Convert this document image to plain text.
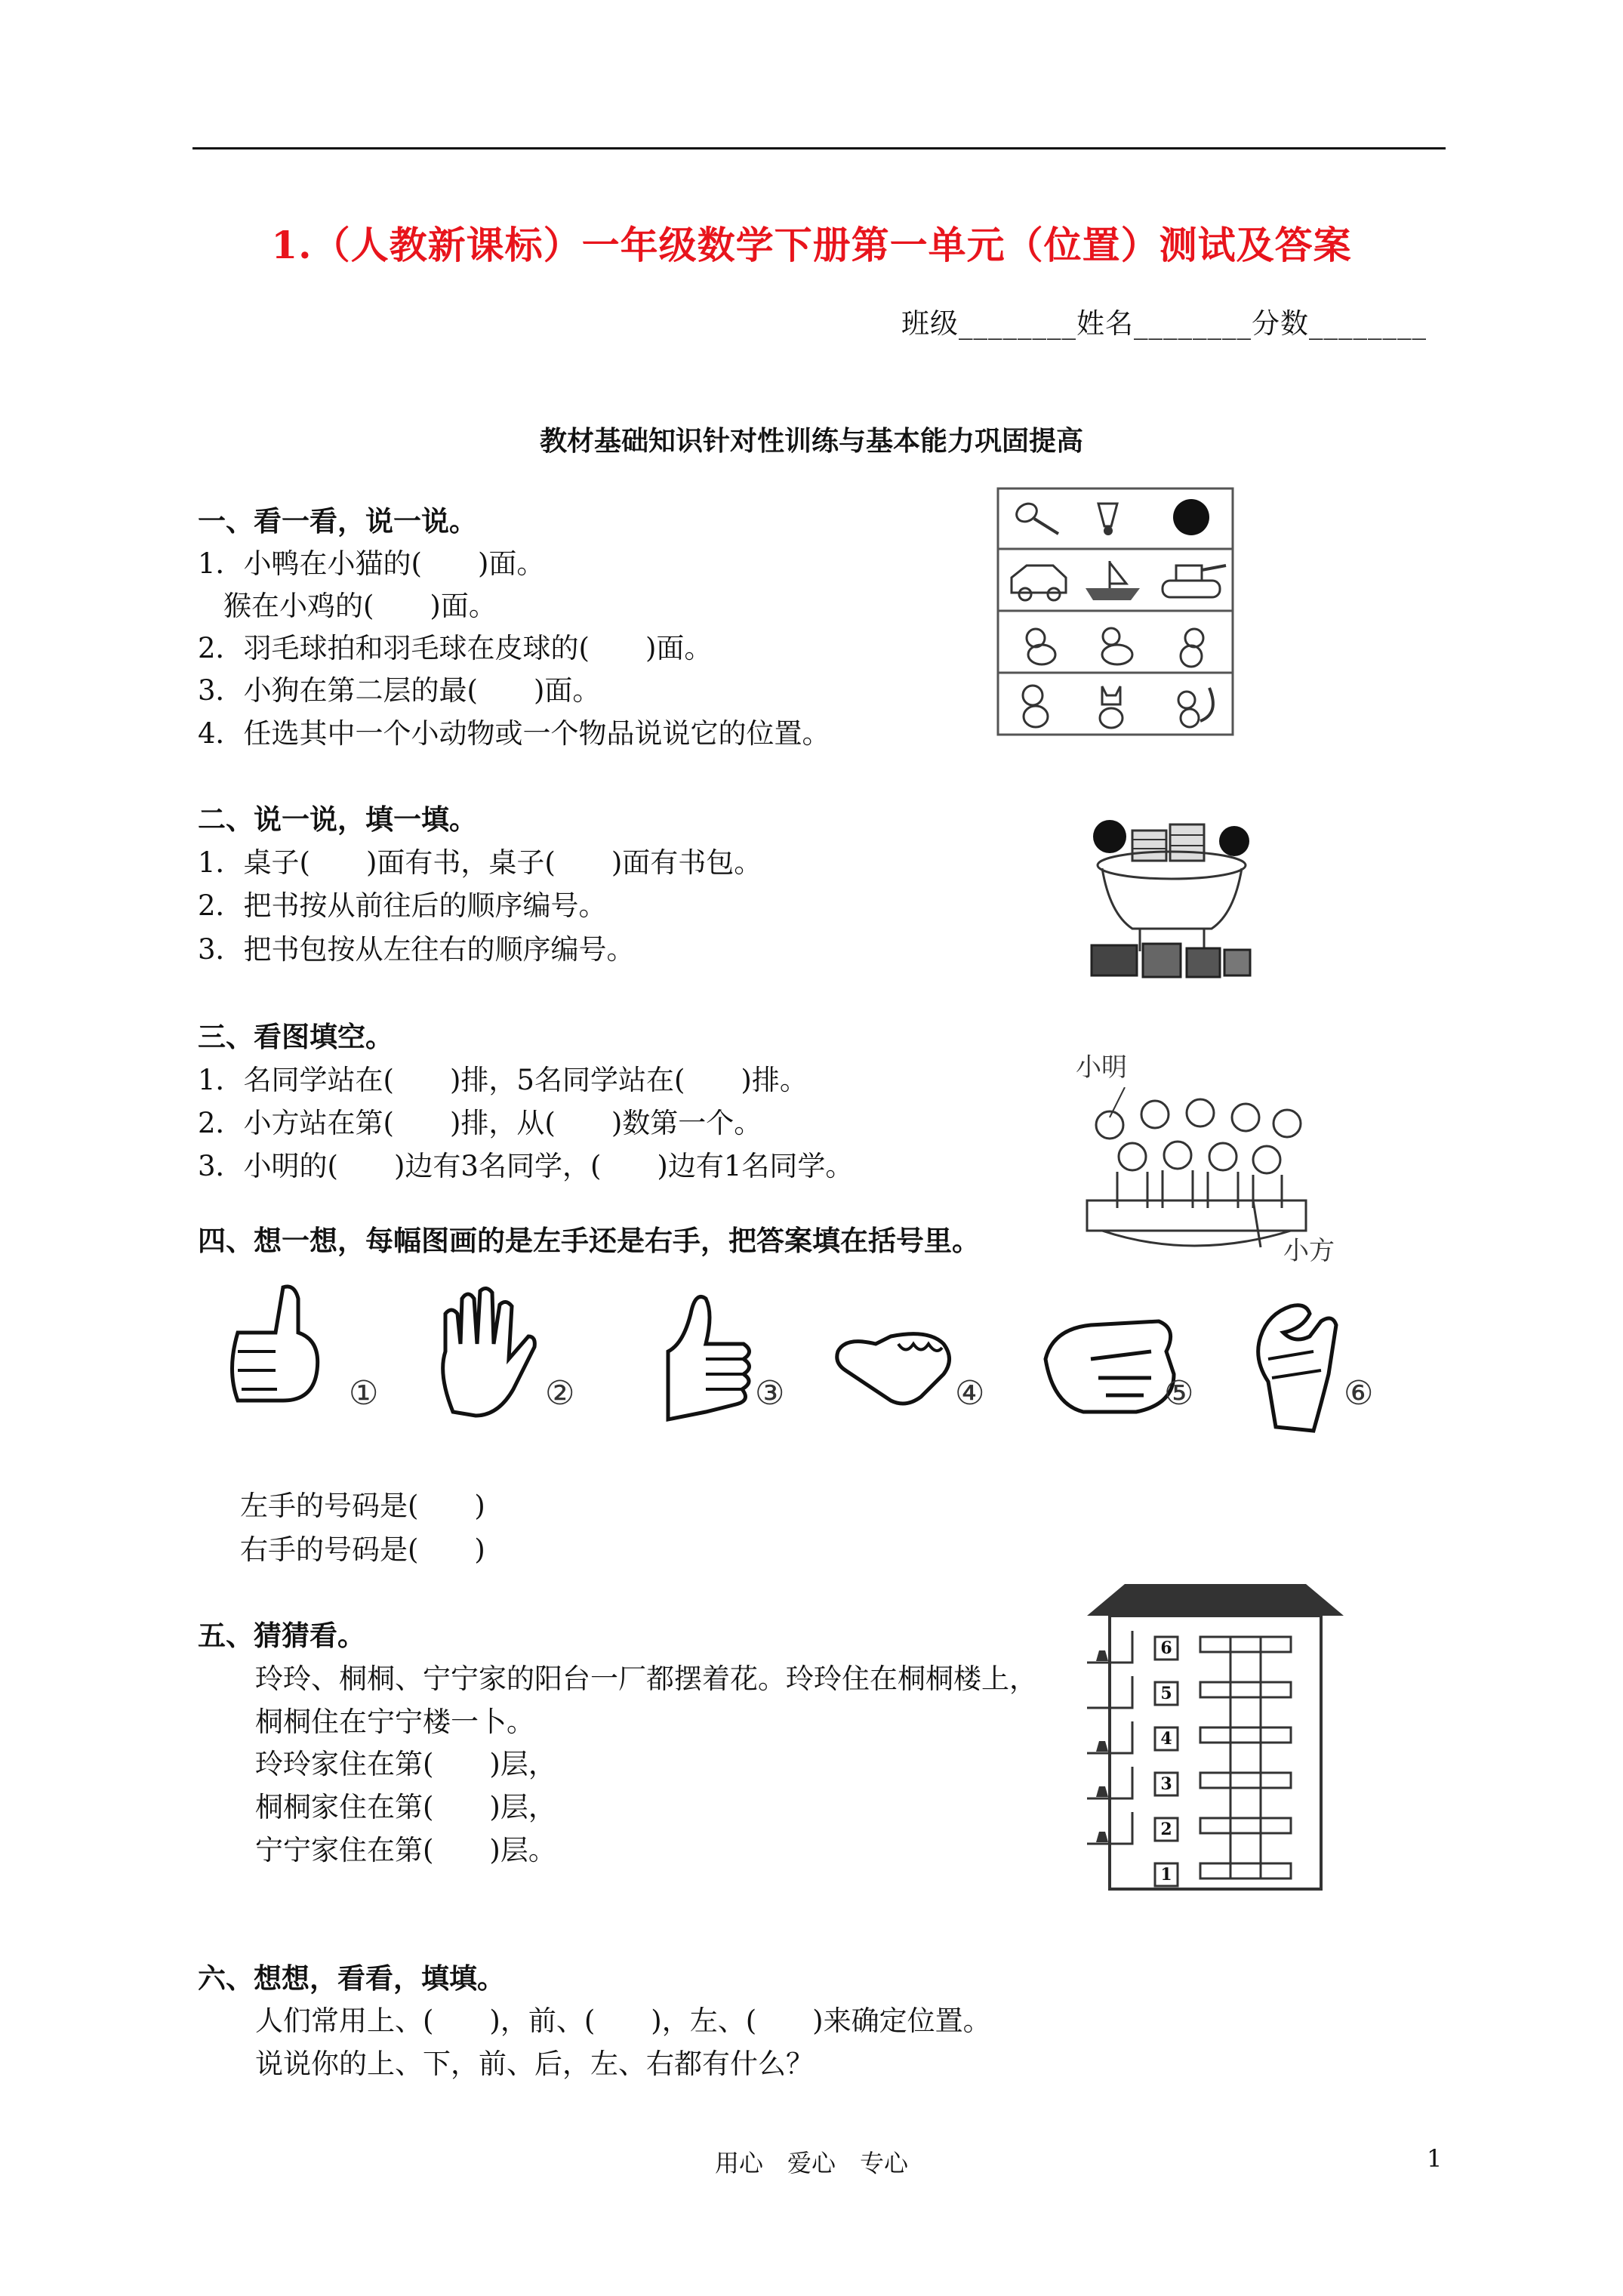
1.（人教新课标）一年级数学下册第一单元（位置）测试及答案
班级________姓名________分数________
教材基础知识针对性训练与基本能力巩固提高
一、看一看，说一说。
1．小鸭在小猫的(　　)面。
猴在小鸡的(　　)面。
2．羽毛球拍和羽毛球在皮球的(　　)面。
3．小狗在第二层的最(　　)面。
4．任选其中一个小动物或一个物品说说它的位置。
二、说一说，填一填。
1．桌子(　　)面有书，桌子(　　)面有书包。
2．把书按从前往后的顺序编号。
3．把书包按从左往右的顺序编号。
三、看图填空。
1．名同学站在(　　)排，5名同学站在(　　)排。
2．小方站在第(　　)排，从(　　)数第一个。
3．小明的(　　)边有3名同学，(　　)边有1名同学。
小明
小方
四、想一想，每幅图画的是左手还是右手，把答案填在括号里。
①	②	③	④	⑤	⑥
左手的号码是(　　)
右手的号码是(　　)
五、猜猜看。
玲玲、桐桐、宁宁家的阳台一厂都摆着花。玲玲住在桐桐楼上，
桐桐住在宁宁楼一卜。
玲玲家住在第(　　)层，
桐桐家住在第(　　)层，
宁宁家住在第(　　)层。
6
5
4
3
2
1
六、想想，看看，填填。
人们常用上、(　　)，前、(　　)，左、(　　)来确定位置。
说说你的上、下，前、后，左、右都有什么？
用心　爱心　专心	1
